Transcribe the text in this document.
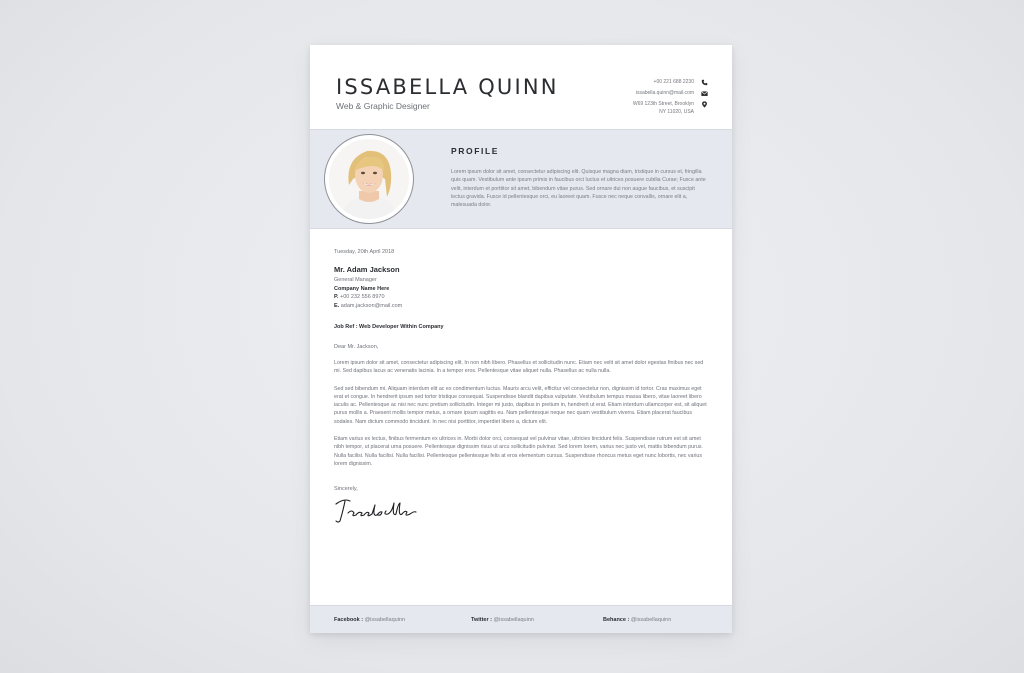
ISSABELLA QUINN
Web & Graphic Designer
+00 221 688 2230
issabella.quinn@mail.com
W69 123th Street, Brooklyn
NY 11020, USA
PROFILE
Lorem ipsum dolor sit amet, consectetur adipiscing elit. Quisque magna diam, tristique in cursus et, fringilla quis quam. Vestibulum ante ipsum primis in faucibus orci luctus et ultrices posuere cubilia Curae; Fusce ante velit, interdum et porttitor sit amet, bibendum vitae purus. Sed ornare dui non augue faucibus, et suscipit lectus gravida. Fusce id pellentesque orci, eu laoreet quam. Fusce nec neque convallis, ornare elit a, malesuada dolor.
Tuesday, 20th April 2018
Mr. Adam Jackson
General Manager
Company Name Here
P. +00 232 556 8970
E. adam.jackson@mail.com
Job Ref : Web Developer Within Company
Dear Mr. Jackson,
Lorem ipsum dolor sit amet, consectetur adipiscing elit. In non nibh libero. Phasellus et sollicitudin nunc. Etiam nec velit sit amet dolor egestas finibus nec sed mi. Sed dapibus lacus ac venenatis lacinia. In a tempor eros. Pellentesque vitae aliquet nulla. Phasellus ac nulla nulla.
Sed sed bibendum mi. Aliquam interdum elit ac ex condimentum luctus. Mauris arcu velit, efficitur vel consectetur non, dignissim id tortor. Cras maximus eget erat et congue. In hendrerit ipsum sed tortor tristique consequat. Suspendisse blandit dapibus vulputate. Vestibulum tempus massa libero, vitae laoreet libero iaculis ac. Pellentesque ac nisi nec nunc pretium sollicitudin. Integer mi justo, dapibus in pretium in, hendrerit ut erat. Etiam interdum ullamcorper est, sit aliquet purus mollis a. Praesent mollis tempor metus, a ornare ipsum sagittis eu. Nam pellentesque neque nec quam vestibulum viverra. Etiam placerat faucibus sodales. Nam dictum commodo tincidunt. In nec nisi porttitor, imperdiet libero a, dictum elit.
Etiam varius ex lectus, finibus fermentum ex ultrices in. Morbi dolor orci, consequat vel pulvinar vitae, ultricies tincidunt felis. Suspendisse rutrum est sit amet nibh tempor, ut placerat urna posuere. Pellentesque dignissim risus ut arcu sollicitudin pulvinar. Sed lorem lorem, varius nec justo vel, mattis bibendum purus. Nulla facilisi. Nulla facilisi. Nulla facilisi. Pellentesque pellentesque felis at eros elementum cursus. Suspendisse rhoncus metus eget nunc lobortis, nec varius lorem dignissim.
Sincerely,
Facebook : @issabellaquinn	Twitter : @issabellaquinn	Behance : @issabellaquinn
